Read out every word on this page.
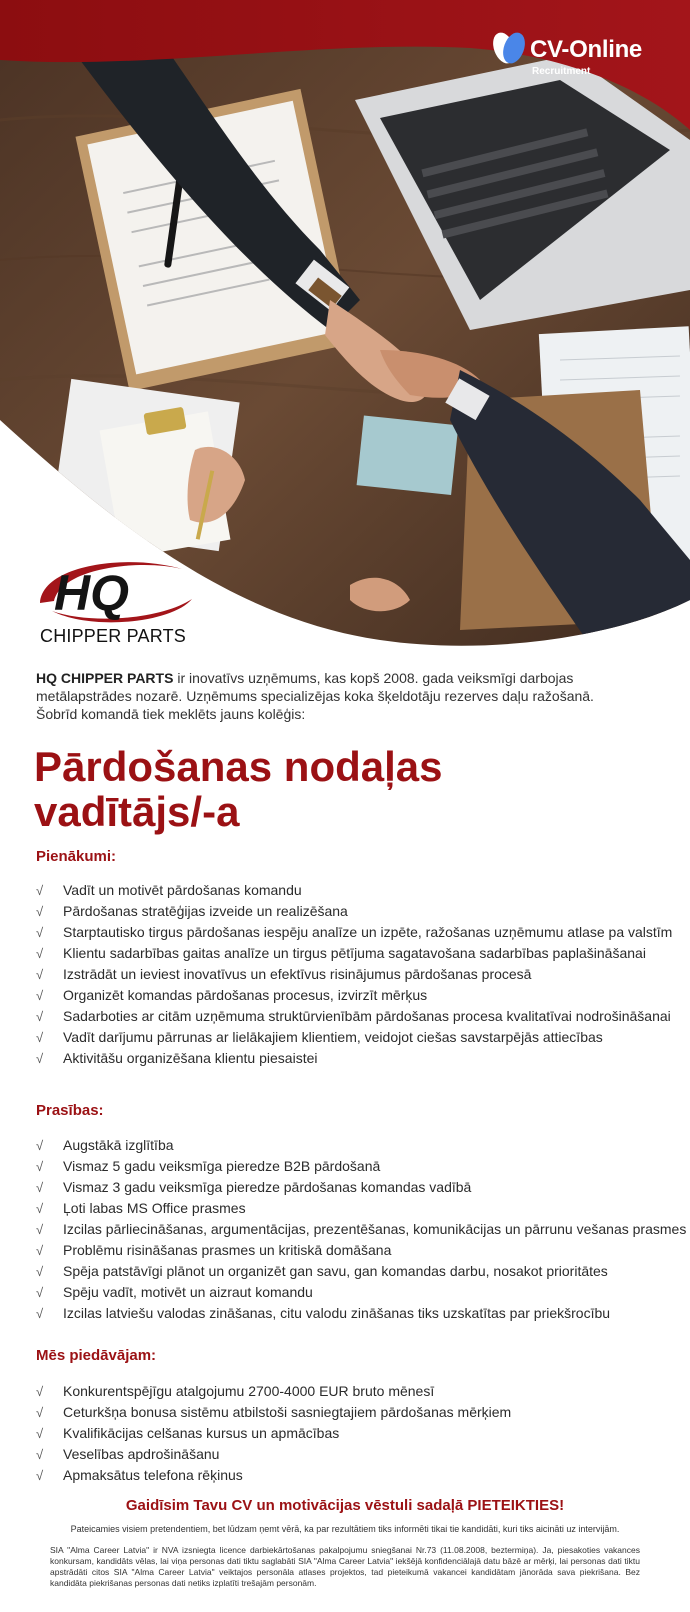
CV-Online
Recruitment
HQ
CHIPPER PARTS
HQ CHIPPER PARTS ir inovatīvs uzņēmums, kas kopš 2008. gada veiksmīgi darbojas
metālapstrādes nozarē. Uzņēmums specializējas koka šķeldotāju rezerves daļu ražošanā.
Šobrīd komandā tiek meklēts jauns kolēģis:
Pārdošanas nodaļas
vadītājs/-a
Pienākumi:
√	Vadīt un motivēt pārdošanas komandu
√	Pārdošanas stratēģijas izveide un realizēšana
√	Starptautisko tirgus pārdošanas iespēju analīze un izpēte, ražošanas uzņēmumu atlase pa valstīm
√	Klientu sadarbības gaitas analīze un tirgus pētījuma sagatavošana sadarbības paplašināšanai
√	Izstrādāt un ieviest inovatīvus un efektīvus risinājumus pārdošanas procesā
√	Organizēt komandas pārdošanas procesus, izvirzīt mērķus
√	Sadarboties ar citām uzņēmuma struktūrvienībām pārdošanas procesa kvalitatīvai nodrošināšanai
√	Vadīt darījumu pārrunas ar lielākajiem klientiem, veidojot ciešas savstarpējās attiecības
√	Aktivitāšu organizēšana klientu piesaistei
Prasības:
√	Augstākā izglītība
√	Vismaz 5 gadu veiksmīga pieredze B2B pārdošanā
√	Vismaz 3 gadu veiksmīga pieredze pārdošanas komandas vadībā
√	Ļoti labas MS Office prasmes
√	Izcilas pārliecināšanas, argumentācijas, prezentēšanas, komunikācijas un pārrunu vešanas prasmes
√	Problēmu risināšanas prasmes un kritiskā domāšana
√	Spēja patstāvīgi plānot un organizēt gan savu, gan komandas darbu, nosakot prioritātes
√	Spēju vadīt, motivēt un aizraut komandu
√	Izcilas latviešu valodas zināšanas, citu valodu zināšanas tiks uzskatītas par priekšrocību
Mēs piedāvājam:
√	Konkurentspējīgu atalgojumu 2700-4000 EUR bruto mēnesī
√	Ceturkšņa bonusa sistēmu atbilstoši sasniegtajiem pārdošanas mērķiem
√	Kvalifikācijas celšanas kursus un apmācības
√	Veselības apdrošināšanu
√	Apmaksātus telefona rēķinus
Gaidīsim Tavu CV un motivācijas vēstuli sadaļā PIETEIKTIES!
Pateicamies visiem pretendentiem, bet lūdzam ņemt vērā, ka par rezultātiem tiks informēti tikai tie kandidāti, kuri tiks aicināti uz intervijām.
SIA "Alma Career Latvia" ir NVA izsniegta licence darbiekārtošanas pakalpojumu sniegšanai Nr.73 (11.08.2008, beztermiņa). Ja, piesakoties vakances konkursam, kandidāts vēlas, lai viņa personas dati tiktu saglabāti SIA "Alma Career Latvia" iekšējā konfidenciālajā datu bāzē ar mērķi, lai personas dati tiktu apstrādāti citos SIA "Alma Career Latvia" veiktajos personāla atlases projektos, tad pieteikumā vakancei kandidātam jānorāda sava piekrišana. Bez kandidāta piekrišanas personas dati netiks izplatīti trešajām personām.
